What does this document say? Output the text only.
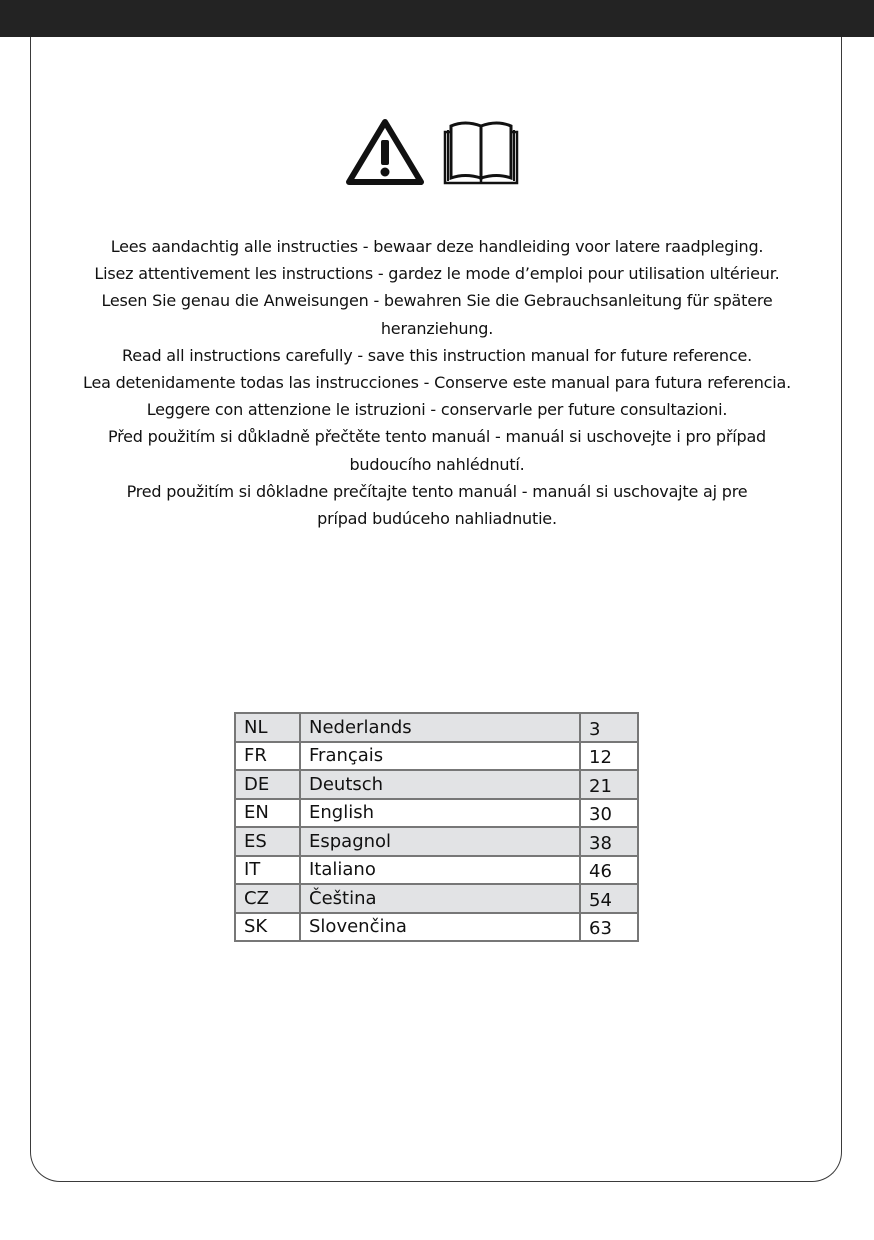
Lees aandachtig alle instructies - bewaar deze handleiding voor latere raadpleging.

Lisez attentivement les instructions - gardez le mode d’emploi pour utilisation ultérieur.

Lesen Sie genau die Anweisungen - bewahren Sie die Gebrauchsanleitung für spätere heranziehung.

Read all instructions carefully - save this instruction manual for future reference.

Lea detenidamente todas las instrucciones - Conserve este manual para futura referencia.

Leggere con attenzione le istruzioni - conservarle per future consultazioni.

Před použitím si důkladně přečtěte tento manuál - manuál si uschovejte i pro případ budoucího nahlédnutí.

Pred použitím si dôkladne prečítajte tento manuál - manuál si uschovajte aj pre prípad budúceho nahliadnutie.

NL	Nederlands	3
FR	Français	12
DE	Deutsch	21
EN	English	30
ES	Espagnol	38
IT	Italiano	46
CZ	Čeština	54
SK	Slovenčina	63
